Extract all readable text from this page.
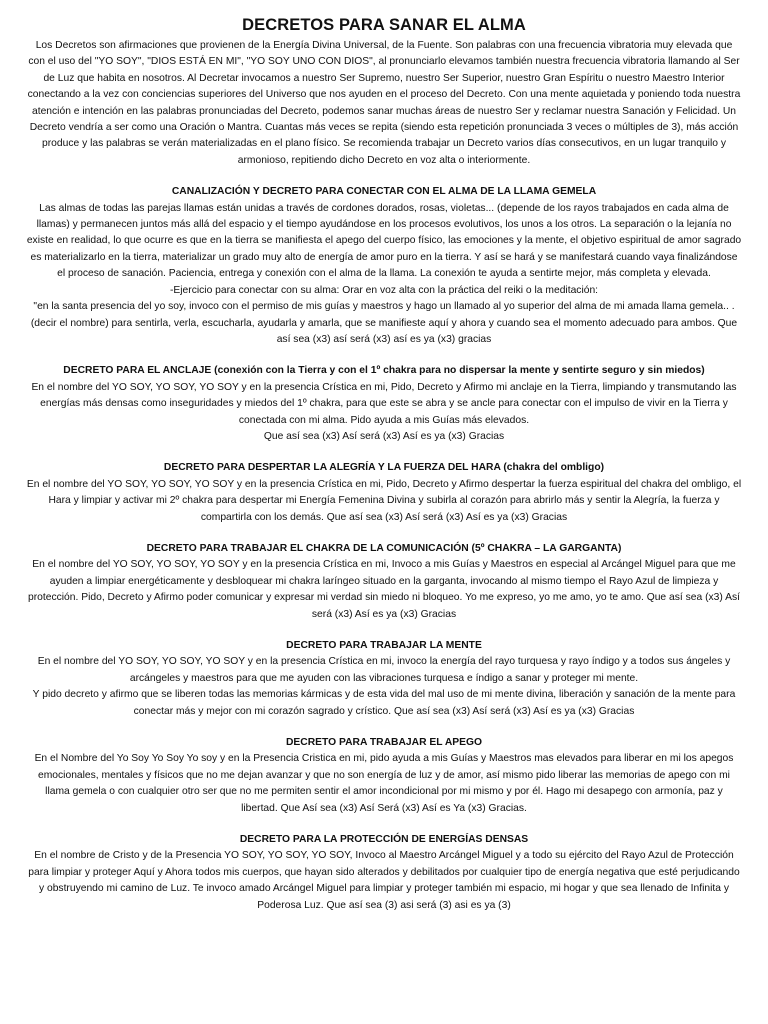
DECRETOS PARA SANAR EL ALMA

Los Decretos son afirmaciones que provienen de la Energía Divina Universal, de la Fuente. Son palabras con una frecuencia vibratoria muy elevada que con el uso del "YO SOY", "DIOS ESTÁ EN MI", "YO SOY UNO CON DIOS", al pronunciarlo elevamos también nuestra frecuencia vibratoria llamando al Ser de Luz que habita en nosotros. Al Decretar invocamos a nuestro Ser Supremo, nuestro Ser Superior, nuestro Gran Espíritu o nuestro Maestro Interior conectando a la vez con conciencias superiores del Universo que nos ayuden en el proceso del Decreto. Con una mente aquietada y poniendo toda nuestra atención e intención en las palabras pronunciadas del Decreto, podemos sanar muchas áreas de nuestro Ser y reclamar nuestra Sanación y Felicidad. Un Decreto vendría a ser como una Oración o Mantra. Cuantas más veces se repita (siendo esta repetición pronunciada 3 veces o múltiples de 3), más acción produce y las palabras se verán materializadas en el plano físico. Se recomienda trabajar un Decreto varios días consecutivos, en un lugar tranquilo y armonioso, repitiendo dicho Decreto en voz alta o interiormente.

CANALIZACIÓN Y DECRETO PARA CONECTAR CON EL ALMA DE LA LLAMA GEMELA

Las almas de todas las parejas llamas están unidas a través de cordones dorados, rosas, violetas... (depende de los rayos trabajados en cada alma de llamas) y permanecen juntos más allá del espacio y el tiempo ayudándose en los procesos evolutivos, los unos a los otros. La separación o la lejanía no existe en realidad, lo que ocurre es que en la tierra se manifiesta el apego del cuerpo físico, las emociones y la mente, el objetivo espiritual de amor sagrado es materializarlo en la tierra, materializar un grado muy alto de energía de amor puro en la tierra. Y así se hará y se manifestará cuando vaya finalizándose el proceso de sanación. Paciencia, entrega y conexión con el alma de la llama. La conexión te ayuda a sentirte mejor, más completa y elevada.

-Ejercicio para conectar con su alma: Orar en voz alta con la práctica del reiki o la meditación:

"en la santa presencia del yo soy, invoco con el permiso de mis guías y maestros y hago un llamado al yo superior del alma de mi amada llama gemela.. .(decir el nombre) para sentirla, verla, escucharla, ayudarla y amarla, que se manifieste aquí y ahora y cuando sea el momento adecuado para ambos. Que así sea (x3) así será (x3) así es ya (x3) gracias

DECRETO PARA EL ANCLAJE (conexión con la Tierra y con el 1º chakra para no dispersar la mente y sentirte seguro y sin miedos)

En el nombre del YO SOY, YO SOY, YO SOY y en la presencia Crística en mi, Pido, Decreto y Afirmo mi anclaje en la Tierra, limpiando y transmutando las energías más densas como inseguridades y miedos del 1º chakra, para que este se abra y se ancle para conectar con el impulso de vivir en la Tierra y conectada con mi alma. Pido ayuda a mis Guías más elevados.

Que así sea (x3) Así será (x3) Así es ya (x3) Gracias

DECRETO PARA DESPERTAR LA ALEGRÍA Y LA FUERZA DEL HARA (chakra del ombligo)

En el nombre del YO SOY, YO SOY, YO SOY y en la presencia Crística en mi, Pido, Decreto y Afirmo despertar la fuerza espiritual del chakra del ombligo, el Hara y limpiar y activar mi 2º chakra para despertar mi Energía Femenina Divina y subirla al corazón para abrirlo más y sentir la Alegría, la fuerza y compartirla con los demás. Que así sea (x3) Así será (x3) Así es ya (x3) Gracias

DECRETO PARA TRABAJAR EL CHAKRA DE LA COMUNICACIÓN (5º CHAKRA – LA GARGANTA)

En el nombre del YO SOY, YO SOY, YO SOY y en la presencia Crística en mi, Invoco a mis Guías y Maestros en especial al Arcángel Miguel para que me ayuden a limpiar energéticamente y desbloquear mi chakra laríngeo situado en la garganta, invocando al mismo tiempo el Rayo Azul de limpieza y protección. Pido, Decreto y Afirmo poder comunicar y expresar mi verdad sin miedo ni bloqueo. Yo me expreso, yo me amo, yo te amo. Que así sea (x3) Así será (x3) Así es ya (x3) Gracias

DECRETO PARA TRABAJAR LA MENTE

En el nombre del YO SOY, YO SOY, YO SOY y en la presencia Crística en mi, invoco la energía del rayo turquesa y rayo índigo y a todos sus ángeles y arcángeles y maestros para que me ayuden con las vibraciones turquesa e índigo a sanar y proteger mi mente.

Y pido decreto y afirmo que se liberen todas las memorias kármicas y de esta vida del mal uso de mi mente divina, liberación y sanación de la mente para conectar más y mejor con mi corazón sagrado y crístico. Que así sea (x3) Así será (x3) Así es ya (x3) Gracias

DECRETO PARA TRABAJAR EL APEGO

En el Nombre del Yo Soy Yo Soy Yo soy y en la Presencia Cristica en mi, pido ayuda a mis Guías y Maestros mas elevados para liberar en mi los apegos emocionales, mentales y físicos que no me dejan avanzar y que no son energía de luz y de amor, así mismo pido liberar las memorias de apego con mi llama gemela o con cualquier otro ser que no me permiten sentir el amor incondicional por mi mismo y por él. Hago mi desapego con armonía, paz y libertad. Que Así sea (x3) Así Será (x3) Así es Ya (x3) Gracias.

DECRETO PARA LA PROTECCIÓN DE ENERGÍAS DENSAS

En el nombre de Cristo y de la Presencia YO SOY, YO SOY, YO SOY, Invoco al Maestro Arcángel Miguel y a todo su ejército del Rayo Azul de Protección para limpiar y proteger Aquí y Ahora todos mis cuerpos, que hayan sido alterados y debilitados por cualquier tipo de energía negativa que esté perjudicando y obstruyendo mi camino de Luz. Te invoco amado Arcángel Miguel para limpiar y proteger también mi espacio, mi hogar y que sea llenado de Infinita y Poderosa Luz. Que así sea (3) asi será (3) asi es ya (3)
